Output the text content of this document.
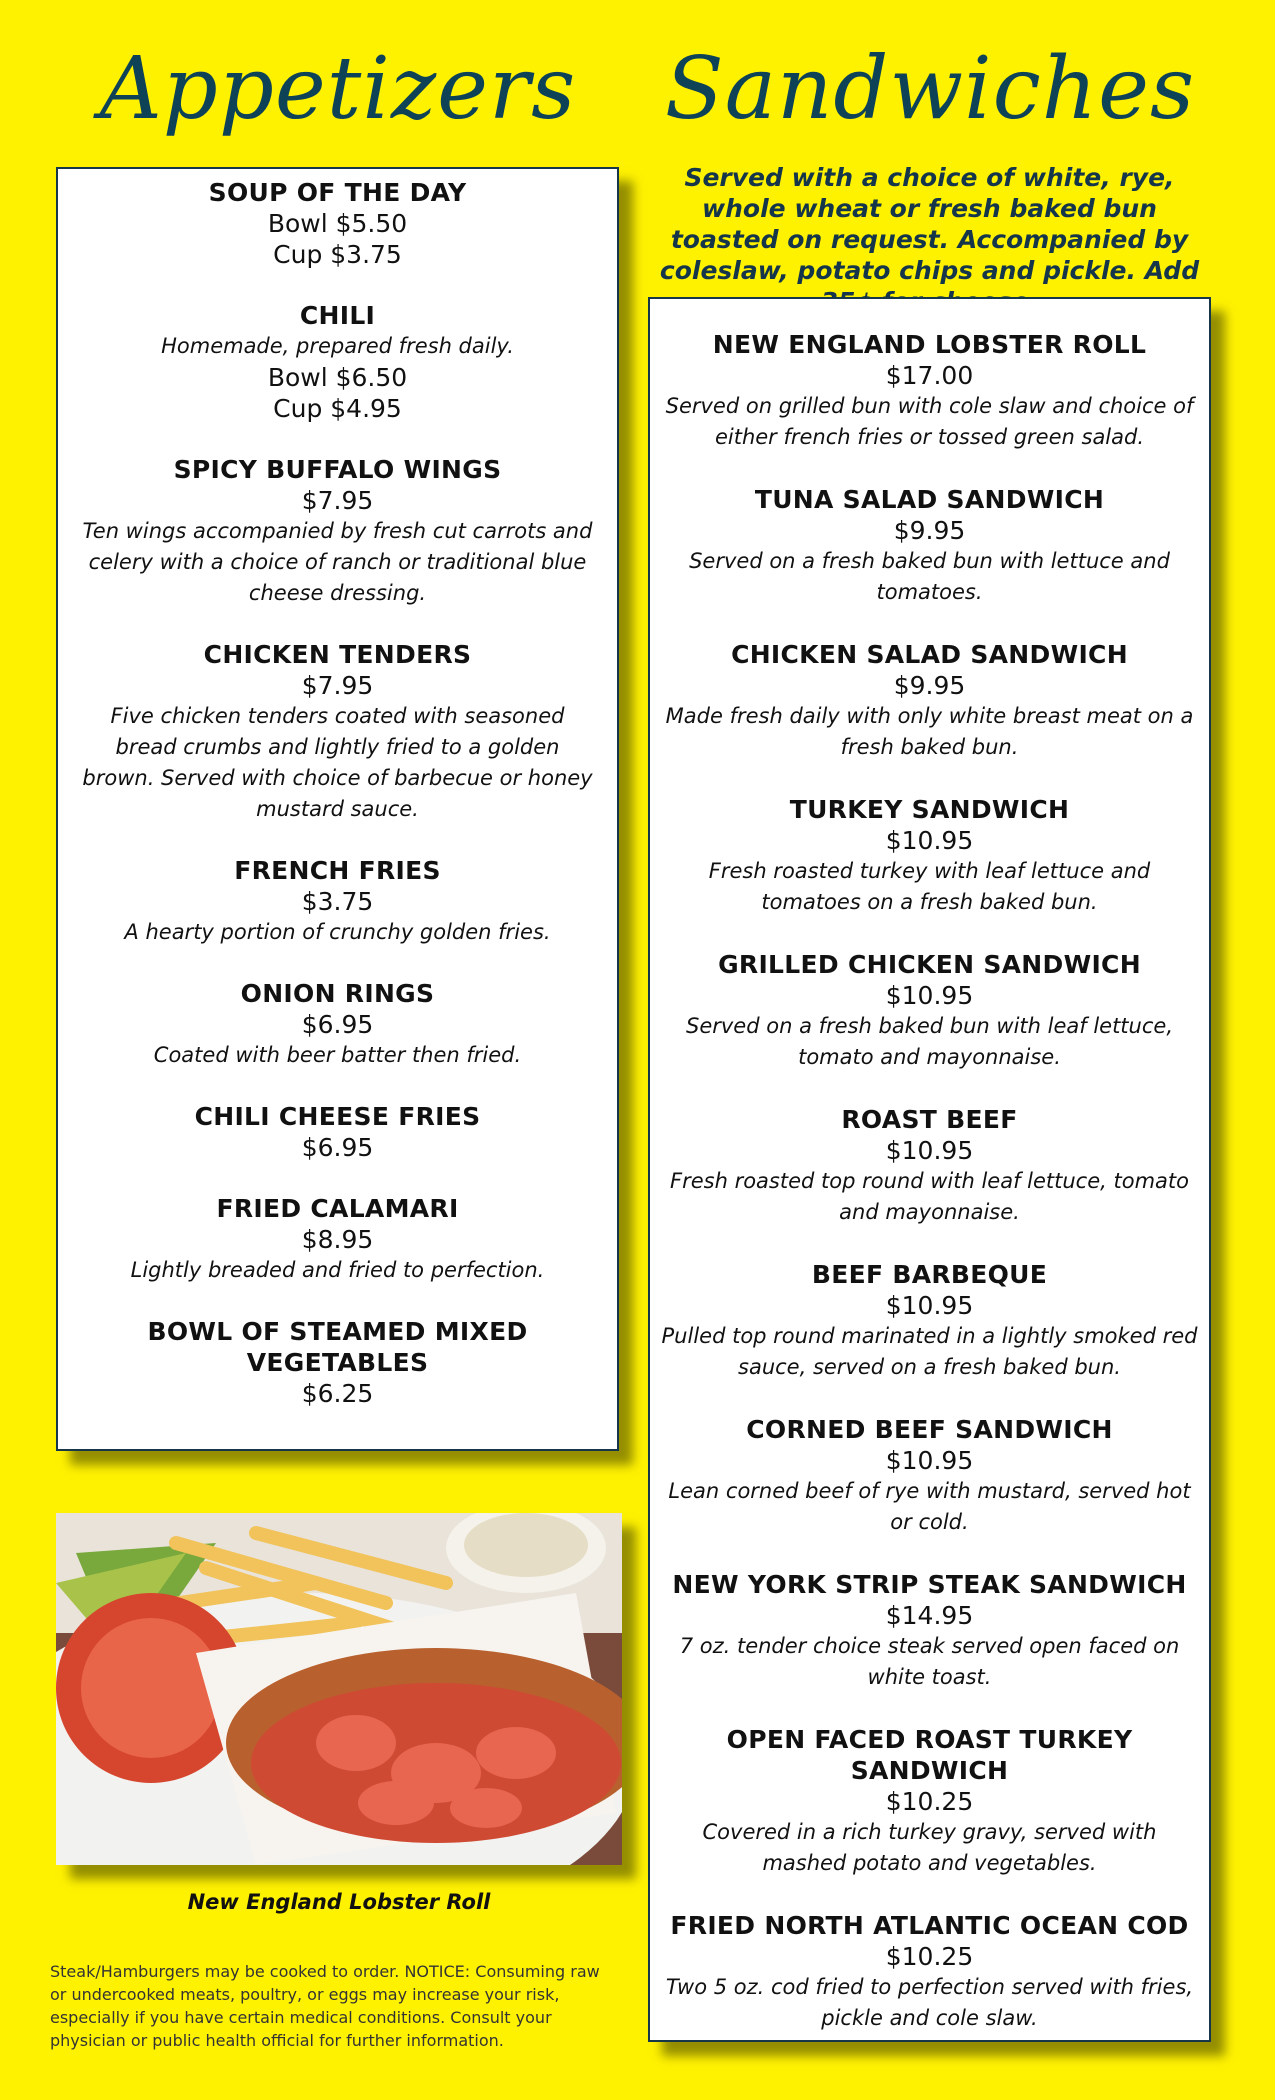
Appetizers	Sandwiches
SOUP OF THE DAY
Bowl $5.50
Cup $3.75
CHILI
Homemade, prepared fresh daily.
Bowl $6.50
Cup $4.95
SPICY BUFFALO WINGS
$7.95
Ten wings accompanied by fresh cut carrots and celery with a choice of ranch or traditional blue cheese dressing.
CHICKEN TENDERS
$7.95
Five chicken tenders coated with seasoned bread crumbs and lightly fried to a golden brown. Served with choice of barbecue or honey mustard sauce.
FRENCH FRIES
$3.75
A hearty portion of crunchy golden fries.
ONION RINGS
$6.95
Coated with beer batter then fried.
CHILI CHEESE FRIES
$6.95
FRIED CALAMARI
$8.95
Lightly breaded and fried to perfection.
BOWL OF STEAMED MIXED VEGETABLES
$6.25
Served with a choice of white, rye, whole wheat or fresh baked bun toasted on request. Accompanied by coleslaw, potato chips and pickle. Add
NEW ENGLAND LOBSTER ROLL
$17.00
Served on grilled bun with cole slaw and choice of either french fries or tossed green salad.
TUNA SALAD SANDWICH
$9.95
Served on a fresh baked bun with lettuce and tomatoes.
CHICKEN SALAD SANDWICH
$9.95
Made fresh daily with only white breast meat on a fresh baked bun.
TURKEY SANDWICH
$10.95
Fresh roasted turkey with leaf lettuce and tomatoes on a fresh baked bun.
GRILLED CHICKEN SANDWICH
$10.95
Served on a fresh baked bun with leaf lettuce, tomato and mayonnaise.
ROAST BEEF
$10.95
Fresh roasted top round with leaf lettuce, tomato and mayonnaise.
BEEF BARBEQUE
$10.95
Pulled top round marinated in a lightly smoked red sauce, served on a fresh baked bun.
CORNED BEEF SANDWICH
$10.95
Lean corned beef of rye with mustard, served hot or cold.
NEW YORK STRIP STEAK SANDWICH
$14.95
7 oz. tender choice steak served open faced on white toast.
OPEN FACED ROAST TURKEY SANDWICH
$10.25
Covered in a rich turkey gravy, served with mashed potato and vegetables.
FRIED NORTH ATLANTIC OCEAN COD
$10.25
Two 5 oz. cod fried to perfection served with fries, pickle and cole slaw.
New England Lobster Roll
Steak/Hamburgers may be cooked to order. NOTICE: Consuming raw or undercooked meats, poultry, or eggs may increase your risk, especially if you have certain medical conditions. Consult your physician or public health official for further information.
